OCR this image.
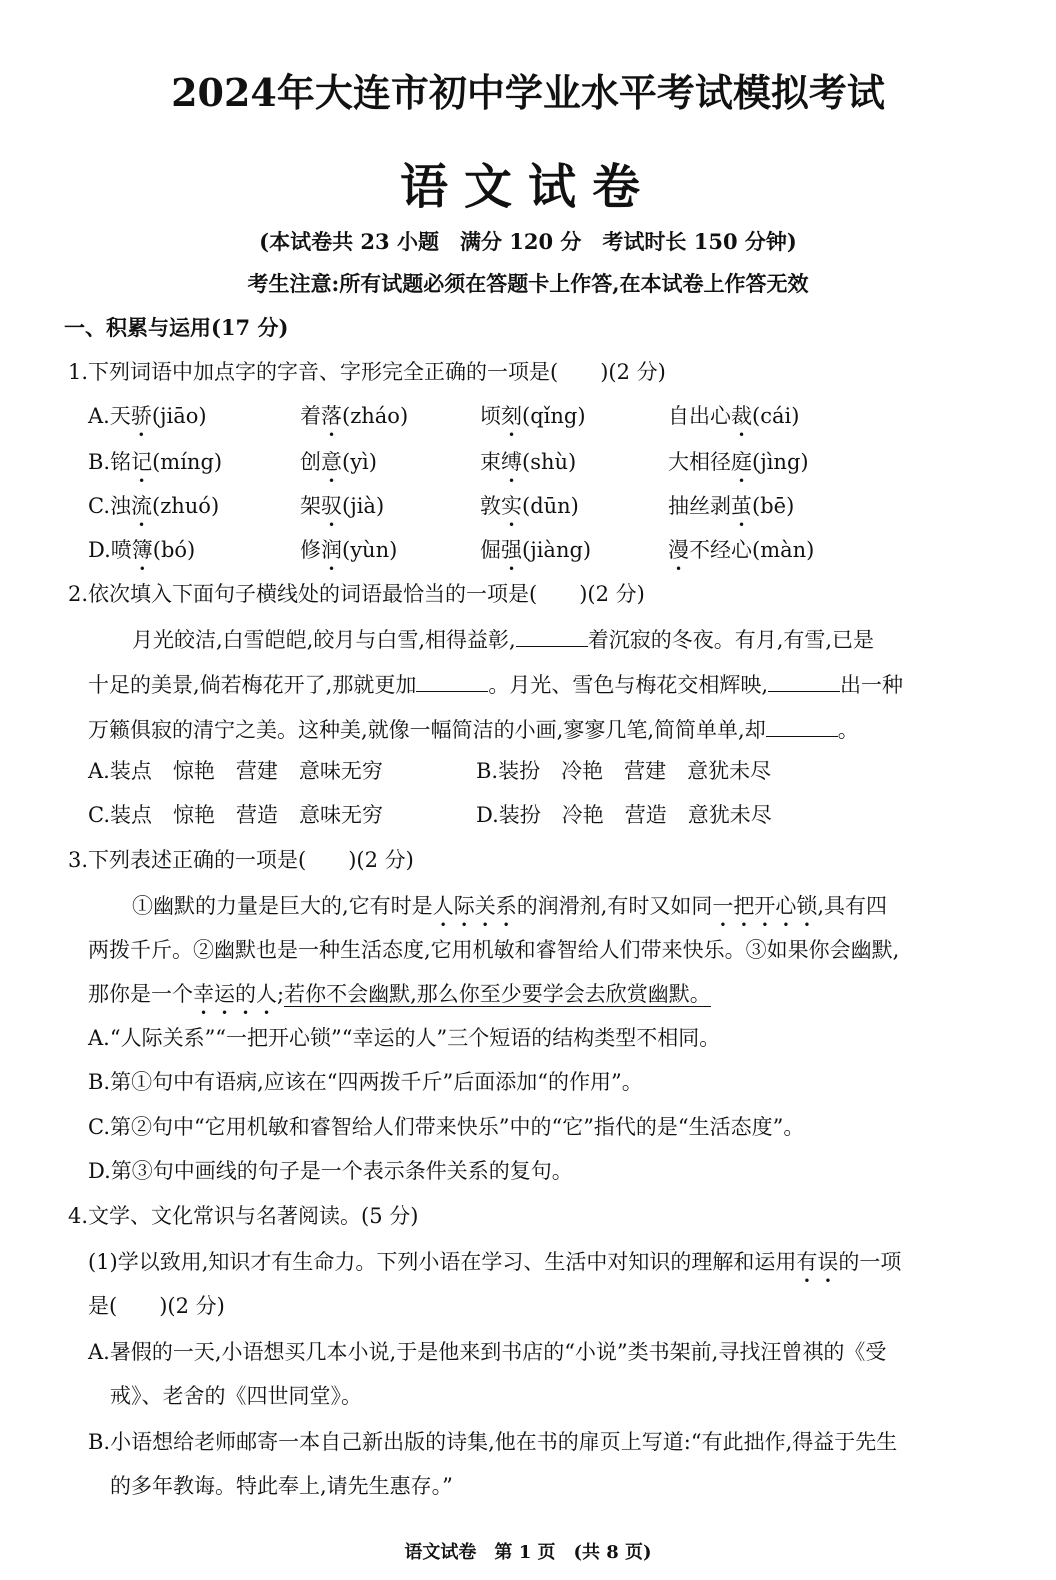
2024年大连市初中学业水平考试模拟考试
语文试卷
(本试卷共 23 小题　满分 120 分　考试时长 150 分钟)
考生注意:所有试题必须在答题卡上作答,在本试卷上作答无效
一、积累与运用(17 分)
1.下列词语中加点字的字音、字形完全正确的一项是(　　)(2 分)
A.天骄(jiāo)	着落(zháo)	顷刻(qǐng)	自出心裁(cái)
B.铭记(míng)	创意(yì)	束缚(shù)	大相径庭(jìng)
C.浊流(zhuó)	架驭(jià)	敦实(dūn)	抽丝剥茧(bē)
D.喷簿(bó)	修润(yùn)	倔强(jiàng)	漫不经心(màn)
2.依次填入下面句子横线处的词语最恰当的一项是(　　)(2 分)
月光皎洁,白雪皑皑,皎月与白雪,相得益彰,	着沉寂的冬夜。有月,有雪,已是
十足的美景,倘若梅花开了,那就更加	。月光、雪色与梅花交相辉映,	出一种
万籁俱寂的清宁之美。这种美,就像一幅简洁的小画,寥寥几笔,简简单单,却	。
A.装点　惊艳　营建　意味无穷	B.装扮　冷艳　营建　意犹未尽
C.装点　惊艳　营造　意味无穷	D.装扮　冷艳　营造　意犹未尽
3.下列表述正确的一项是(　　)(2 分)
①幽默的力量是巨大的,它有时是人际关系的润滑剂,有时又如同一把开心锁,具有四
两拨千斤。②幽默也是一种生活态度,它用机敏和睿智给人们带来快乐。③如果你会幽默,
那你是一个幸运的人;若你不会幽默,那么你至少要学会去欣赏幽默。
A.“人际关系”“一把开心锁”“幸运的人”三个短语的结构类型不相同。
B.第①句中有语病,应该在“四两拨千斤”后面添加“的作用”。
C.第②句中“它用机敏和睿智给人们带来快乐”中的“它”指代的是“生活态度”。
D.第③句中画线的句子是一个表示条件关系的复句。
4.文学、文化常识与名著阅读。(5 分)
(1)学以致用,知识才有生命力。下列小语在学习、生活中对知识的理解和运用有误的一项
是(　　)(2 分)
A.暑假的一天,小语想买几本小说,于是他来到书店的“小说”类书架前,寻找汪曾祺的《受
戒》、老舍的《四世同堂》。
B.小语想给老师邮寄一本自己新出版的诗集,他在书的扉页上写道:“有此拙作,得益于先生
的多年教诲。特此奉上,请先生惠存。”
语文试卷　第 1 页　(共 8 页)
